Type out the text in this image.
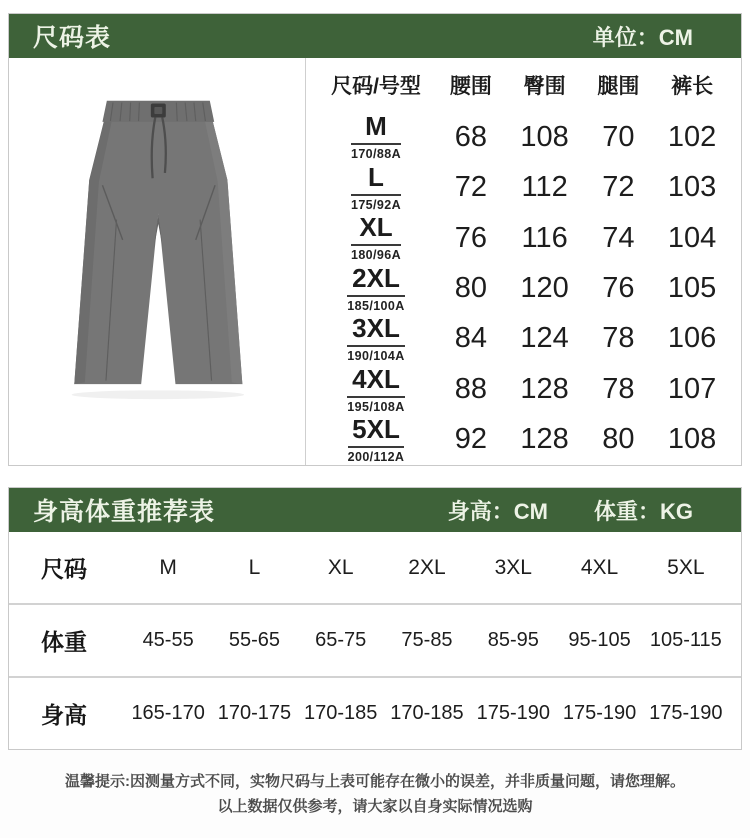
尺码表	单位：CM
尺码/号型 腰围 臀围 腿围 裤长
$\frac{M}{170/88A} 68$ 108 70 102
$\frac{L}{175/92A} 72$ 112 72 103
$\frac{XL}{180/96A} 76$ 116 74 104
$\frac{2XL}{185/100A} 80$ 120 76 105
$\frac{3XL}{190/104A} 84$ 124 78 106
$\frac{4XL}{195/108A} 88$ 128 78 107
$\frac{5XL}{200/112A} 92$ 128 80 108
身高体重推荐表	身高：CM 体重：KG
尺码	M	L	XL	2XL	3XL	4XL	5XL
体重	45-55	55-65	65-75	75-85	85-95	95-105 105-115
身高	165-170 170-175 170-185 170-185 175-190 175-190 175-190
温馨提示:因测量方式不同，实物尺码与上表可能存在微小的误差，并非质量问题，请您理解。
以上数据仅供参考，请大家以自身实际情况选购
